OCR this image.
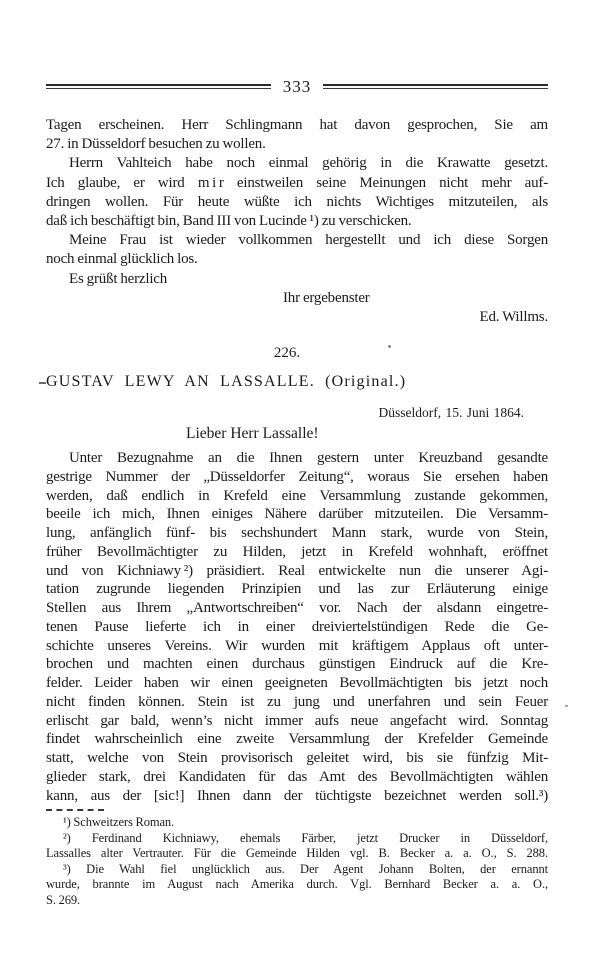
333
Tagen erscheinen. Herr Schlingmann hat davon gesprochen, Sie am
27. in Düsseldorf besuchen zu wollen.
Herrn Vahlteich habe noch einmal gehörig in die Krawatte gesetzt.
Ich glaube, er wird m i r einstweilen seine Meinungen nicht mehr auf-
dringen wollen. Für heute wüßte ich nichts Wichtiges mitzuteilen, als
daß ich beschäftigt bin, Band III von Lucinde ¹) zu verschicken.
Meine Frau ist wieder vollkommen hergestellt und ich diese Sorgen
noch einmal glücklich los.
Es grüßt herzlich
Ihr ergebenster
Ed. Willms.
226.
GUSTAV LEWY AN LASSALLE. (Original.)
Düsseldorf, 15. Juni 1864.
Lieber Herr Lassalle!
Unter Bezugnahme an die Ihnen gestern unter Kreuzband gesandte
gestrige Nummer der „Düsseldorfer Zeitung“, woraus Sie ersehen haben
werden, daß endlich in Krefeld eine Versammlung zustande gekommen,
beeile ich mich, Ihnen einiges Nähere darüber mitzuteilen. Die Versamm-
lung, anfänglich fünf- bis sechshundert Mann stark, wurde von Stein,
früher Bevollmächtigter zu Hilden, jetzt in Krefeld wohnhaft, eröffnet
und von Kichniawy ²) präsidiert. Real entwickelte nun die unserer Agi-
tation zugrunde liegenden Prinzipien und las zur Erläuterung einige
Stellen aus Ihrem „Antwortschreiben“ vor. Nach der alsdann eingetre-
tenen Pause lieferte ich in einer dreiviertelstündigen Rede die Ge-
schichte unseres Vereins. Wir wurden mit kräftigem Applaus oft unter-
brochen und machten einen durchaus günstigen Eindruck auf die Kre-
felder. Leider haben wir einen geeigneten Bevollmächtigten bis jetzt noch
nicht finden können. Stein ist zu jung und unerfahren und sein Feuer
erlischt gar bald, wenn’s nicht immer aufs neue angefacht wird. Sonntag
findet wahrscheinlich eine zweite Versammlung der Krefelder Gemeinde
statt, welche von Stein provisorisch geleitet wird, bis sie fünfzig Mit-
glieder stark, drei Kandidaten für das Amt des Bevollmächtigten wählen
kann, aus der [sic!] Ihnen dann der tüchtigste bezeichnet werden soll.³)
¹) Schweitzers Roman.
²) Ferdinand Kichniawy, ehemals Färber, jetzt Drucker in Düsseldorf,
Lassalles alter Vertrauter. Für die Gemeinde Hilden vgl. B. Becker a. a. O., S. 288.
³) Die Wahl fiel unglücklich aus. Der Agent Johann Bolten, der ernannt
wurde, brannte im August nach Amerika durch. Vgl. Bernhard Becker a. a. O.,
S. 269.
